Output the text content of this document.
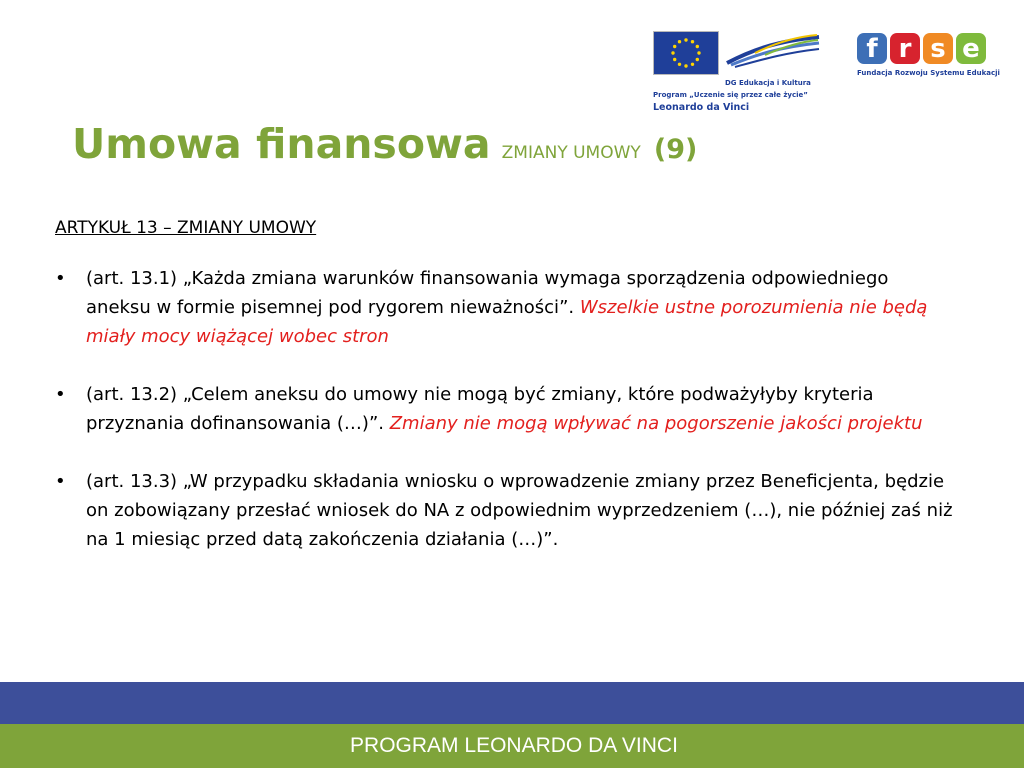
DG Edukacja i Kultura
Program „Uczenie się przez całe życie”
Leonardo da Vinci
f r s e
Fundacja Rozwoju Systemu Edukacji
Umowa finansowa ZMIANY UMOWY (9)
ARTYKUŁ 13 – ZMIANY UMOWY
• (art. 13.1) „Każda zmiana warunków finansowania wymaga sporządzenia odpowiedniego aneksu w formie pisemnej pod rygorem nieważności”. Wszelkie ustne porozumienia nie będą miały mocy wiążącej wobec stron
• (art. 13.2) „Celem aneksu do umowy nie mogą być zmiany, które podważyłyby kryteria przyznania dofinansowania (…)”. Zmiany nie mogą wpływać na pogorszenie jakości projektu
• (art. 13.3) „W przypadku składania wniosku o wprowadzenie zmiany przez Beneficjenta, będzie on zobowiązany przesłać wniosek do NA z odpowiednim wyprzedzeniem (…), nie później zaś niż na 1 miesiąc przed datą zakończenia działania (…)”.
PROGRAM LEONARDO DA VINCI
